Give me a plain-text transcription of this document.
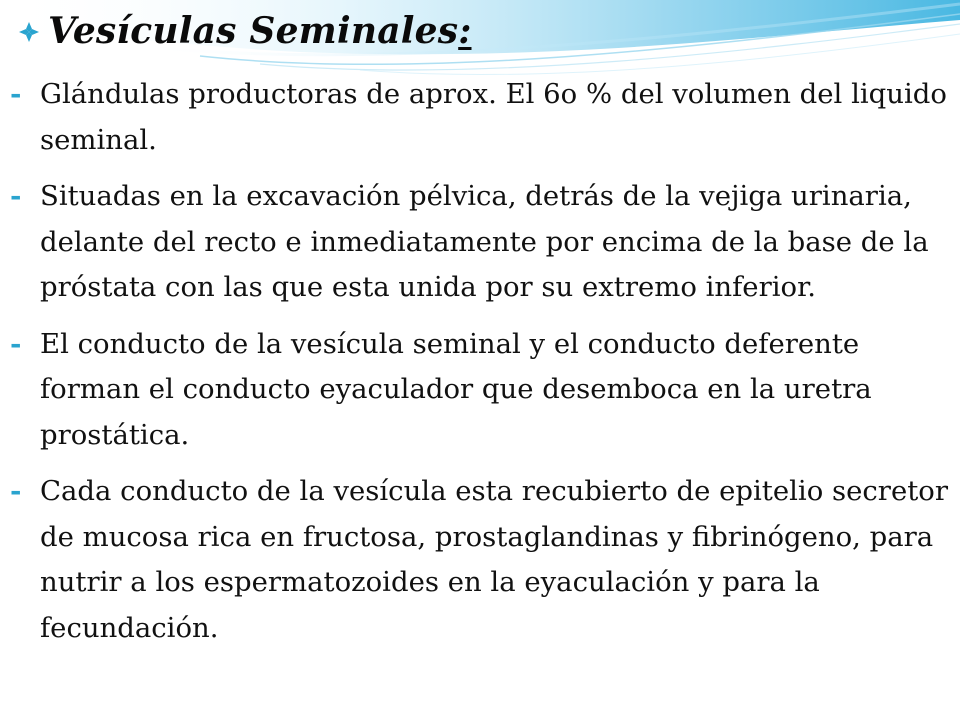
Vesículas Seminales :
- Glándulas productoras de aprox. El 6o % del volumen del liquido seminal.
- Situadas en la excavación pélvica, detrás de la vejiga urinaria, delante del recto e inmediatamente por encima de la base de la próstata con las que esta unida por su extremo inferior.
- El conducto de la vesícula seminal y el conducto deferente forman el conducto eyaculador que desemboca en la uretra prostática.
- Cada conducto de la vesícula esta recubierto de epitelio secretor de mucosa rica en fructosa, prostaglandinas y fibrinógeno, para nutrir a los espermatozoides en la eyaculación y para la fecundación.
